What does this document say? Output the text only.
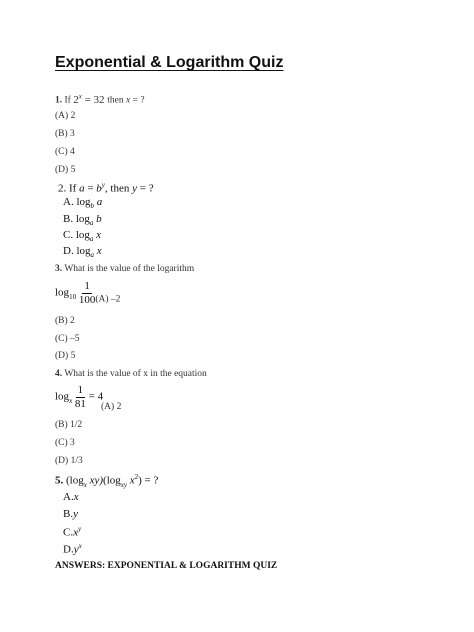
Exponential & Logarithm Quiz
1. If $2^x = 32$ then x = ?
(A) 2
(B) 3
(C) 4
(D) 5
2. If $a = b^y$, then y = ?
A. $\log_b a$
B. $\log_a b$
C. $\log_a x$
D. $\log_a x$
3. What is the value of the logarithm
$\log_{10} \frac{1}{100} (A)$ –2
(B) 2
(C) –5
(D) 5
4. What is the value of x in the equation
$\log_x \frac{1}{81} = 4$
(A) 2
(B) 1/2
(C) 3
(D) 1/3
5. ($\log_x$ $xy)(\log_{xy}$ $x^2$) = ?
A.x
B.y
$C.x^y$
$D.y^x$
ANSWERS: EXPONENTIAL & LOGARITHM QUIZ
